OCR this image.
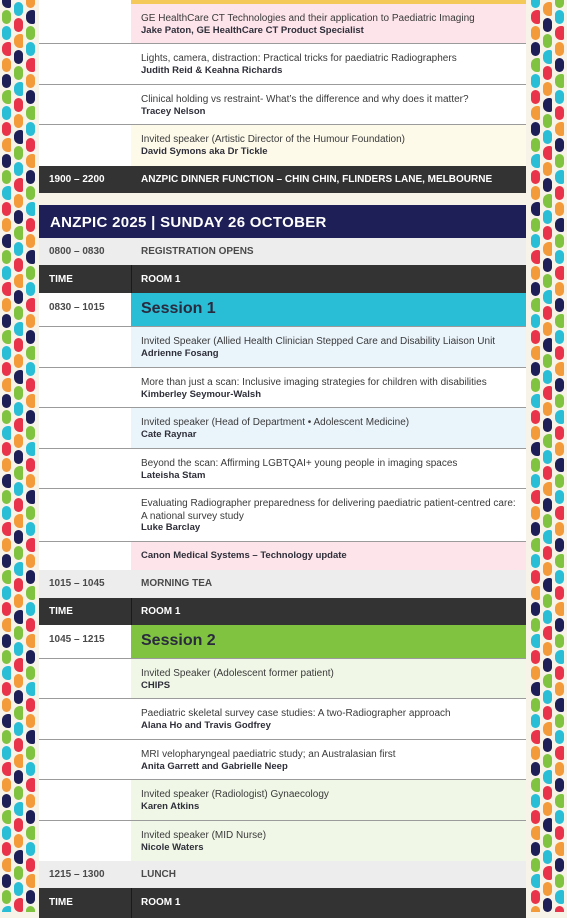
GE HealthCare CT Technologies and their application to Paediatric Imaging
Jake Paton, GE HealthCare CT Product Specialist
Lights, camera, distraction: Practical tricks for paediatric Radiographers
Judith Reid & Keahna Richards
Clinical holding vs restraint- What’s the difference and why does it matter?
Tracey Nelson
Invited speaker (Artistic Director of the Humour Foundation)
David Symons aka Dr Tickle
1900 – 2200	ANZPIC DINNER FUNCTION – CHIN CHIN, FLINDERS LANE, MELBOURNE
ANZPIC 2025 | SUNDAY 26 OCTOBER
0800 – 0830	REGISTRATION OPENS
TIME	ROOM 1
0830 – 1015 Session 1
Invited Speaker (Allied Health Clinician Stepped Care and Disability Liaison Unit
Adrienne Fosang
More than just a scan: Inclusive imaging strategies for children with disabilities
Kimberley Seymour-Walsh
Invited speaker (Head of Department • Adolescent Medicine)
Cate Raynar
Beyond the scan: Affirming LGBTQAI+ young people in imaging spaces
Lateisha Stam
Evaluating Radiographer preparedness for delivering paediatric patient-centred care: A national survey study
Luke Barclay
Canon Medical Systems – Technology update
1015 – 1045	MORNING TEA
TIME	ROOM 1
1045 – 1215 Session 2
Invited Speaker (Adolescent former patient)
CHIPS
Paediatric skeletal survey case studies: A two-Radiographer approach
Alana Ho and Travis Godfrey
MRI velopharyngeal paediatric study; an Australasian first
Anita Garrett and Gabrielle Neep
Invited speaker (Radiologist) Gynaecology
Karen Atkins
Invited speaker (MID Nurse)
Nicole Waters
1215 – 1300	LUNCH
TIME	ROOM 1
